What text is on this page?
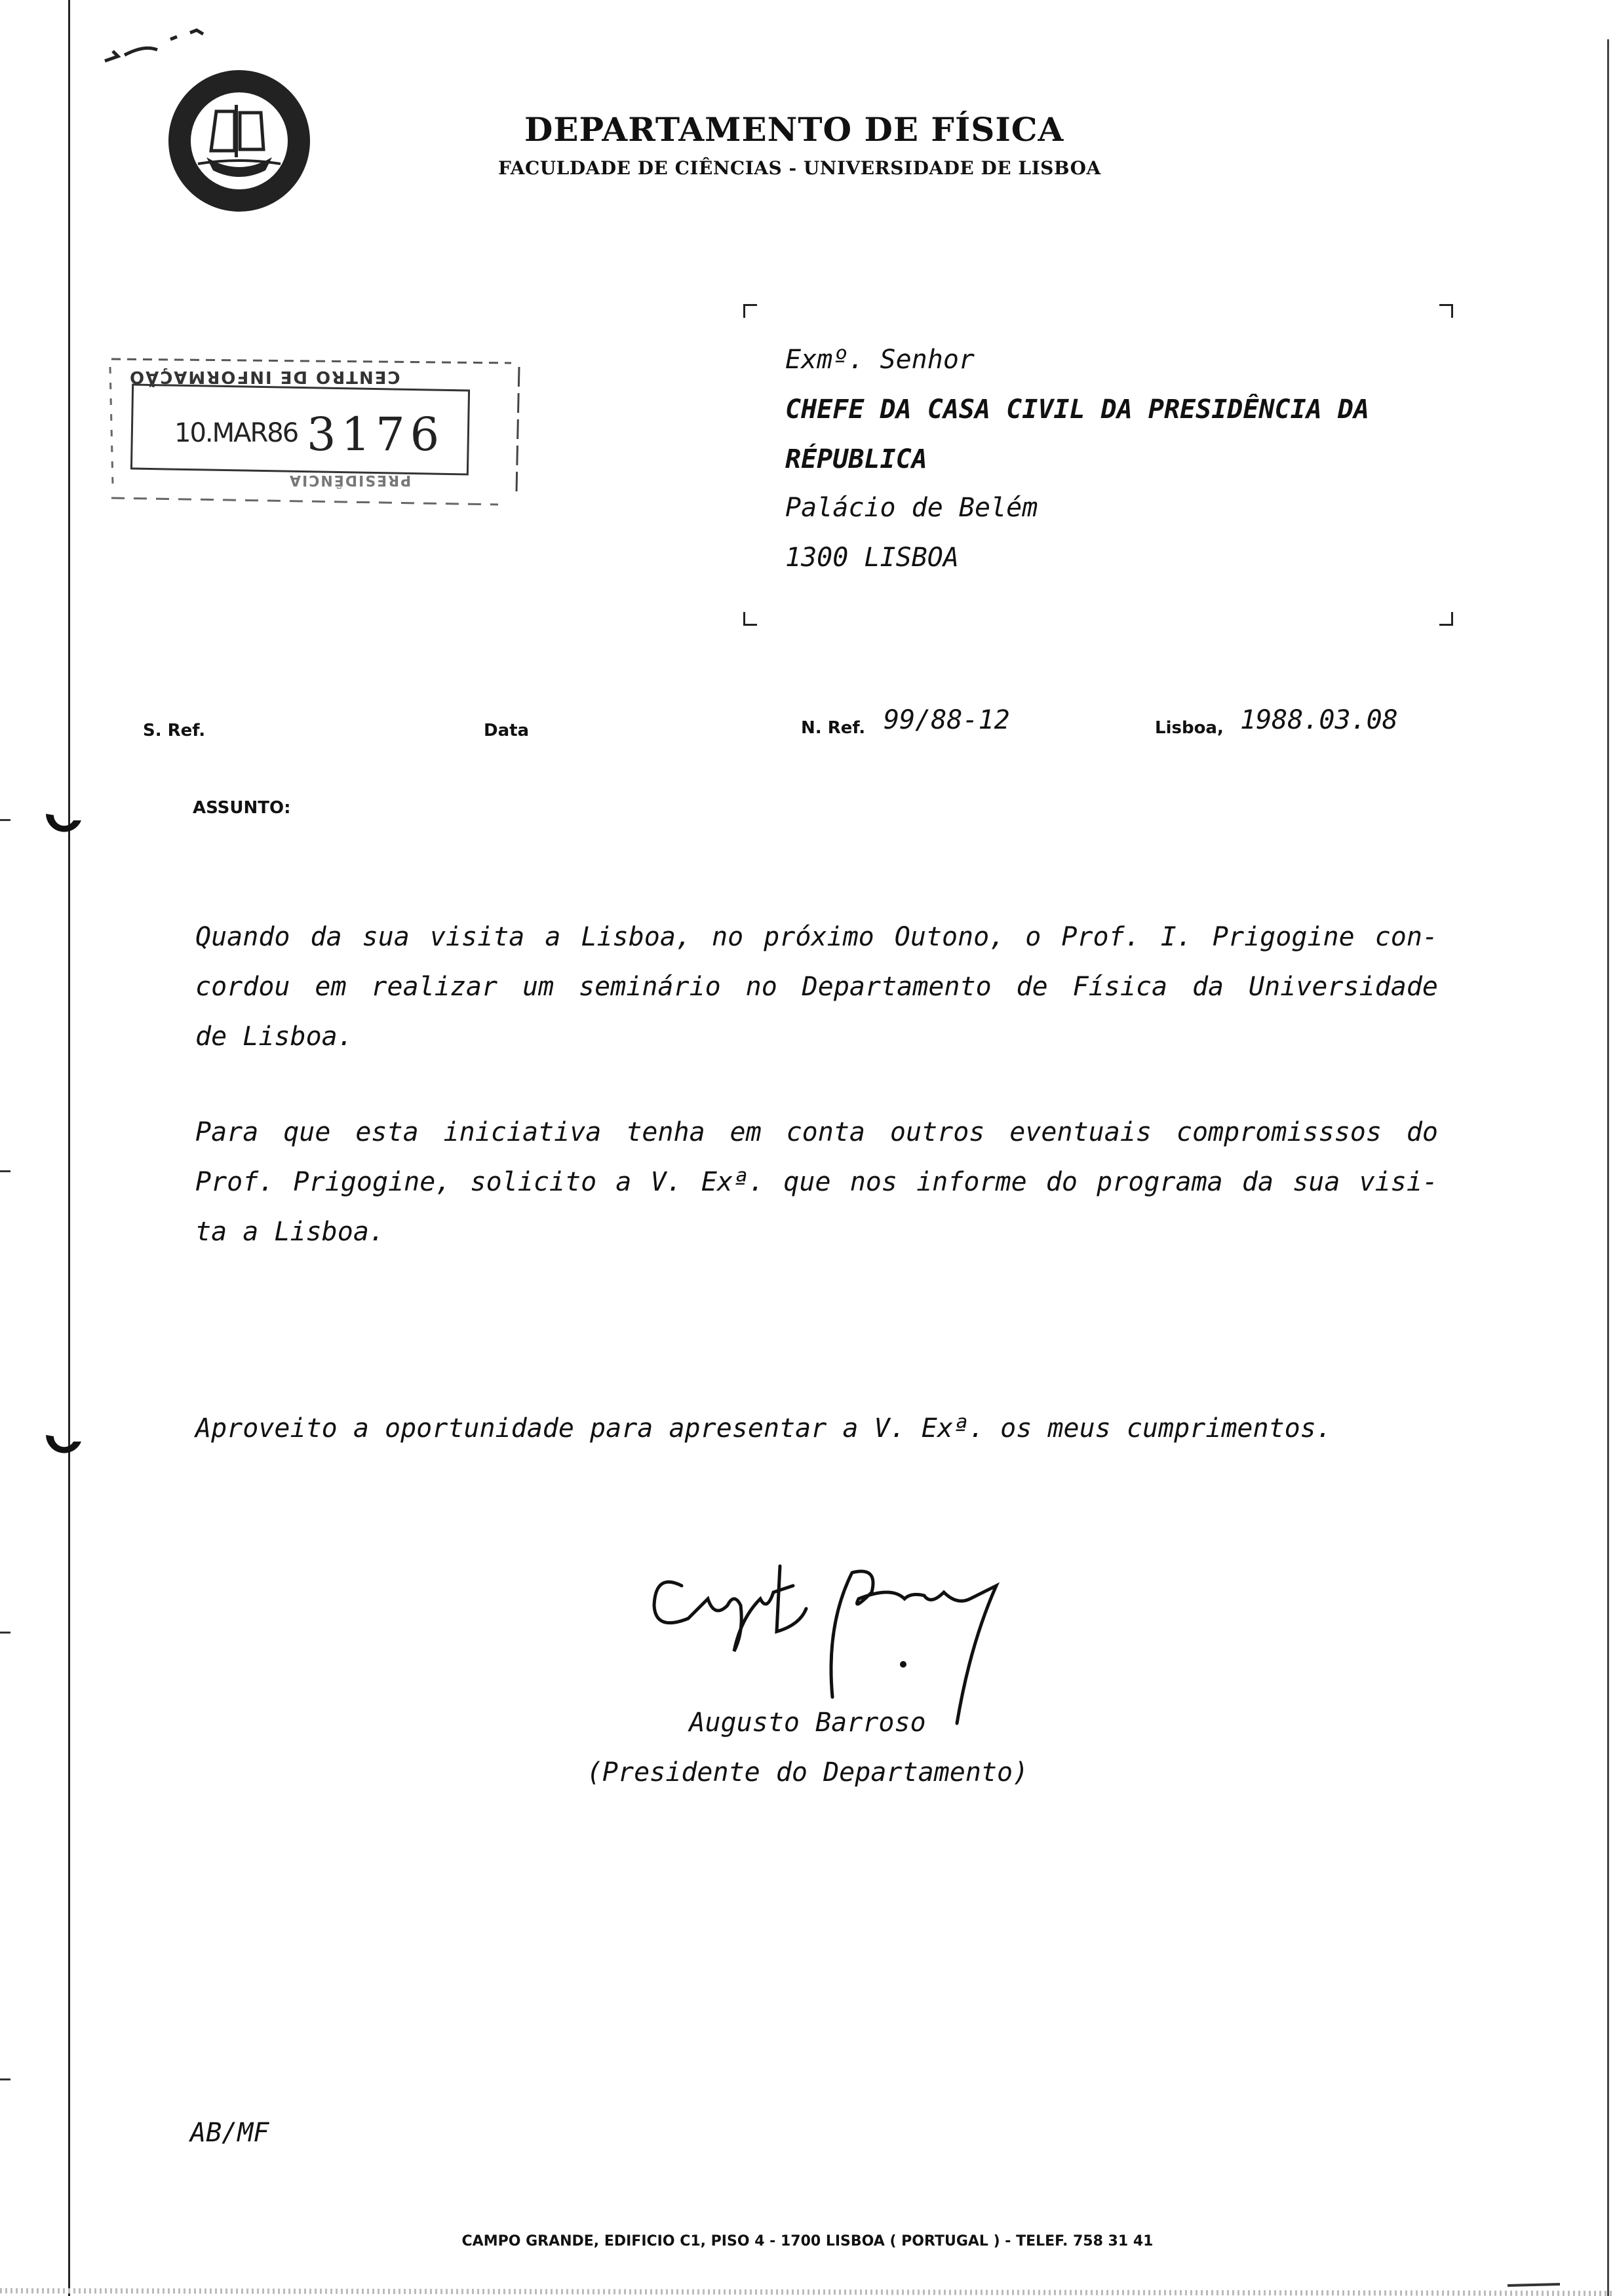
DEPARTAMENTO DE FÍSICA
FACULDADE DE CIÊNCIAS - UNIVERSIDADE DE LISBOA
Exmº. Senhor
CHEFE DA CASA CIVIL DA PRESIDÊNCIA DA
RÉPUBLICA
Palácio de Belém
1300 LISBOA
CENTRO DE INFORMAÇÃO
10.MAR86 3176
PRESIDÊNCIA
S. Ref.	Data	N. Ref. 99/88-12	Lisboa, 1988.03.08
ASSUNTO:
Quando da sua visita a Lisboa, no próximo Outono, o Prof. I. Prigogine con-
cordou em realizar um seminário no Departamento de Física da Universidade
de Lisboa.
Para que esta iniciativa tenha em conta outros eventuais compromisssos do
Prof. Prigogine, solicito a V. Exª. que nos informe do programa da sua visi-
ta a Lisboa.
Aproveito a oportunidade para apresentar a V. Exª. os meus cumprimentos.
Augusto Barroso
(Presidente do Departamento)
AB/MF
CAMPO GRANDE, EDIFICIO C1, PISO 4 - 1700 LISBOA ( PORTUGAL ) - TELEF. 758 31 41
